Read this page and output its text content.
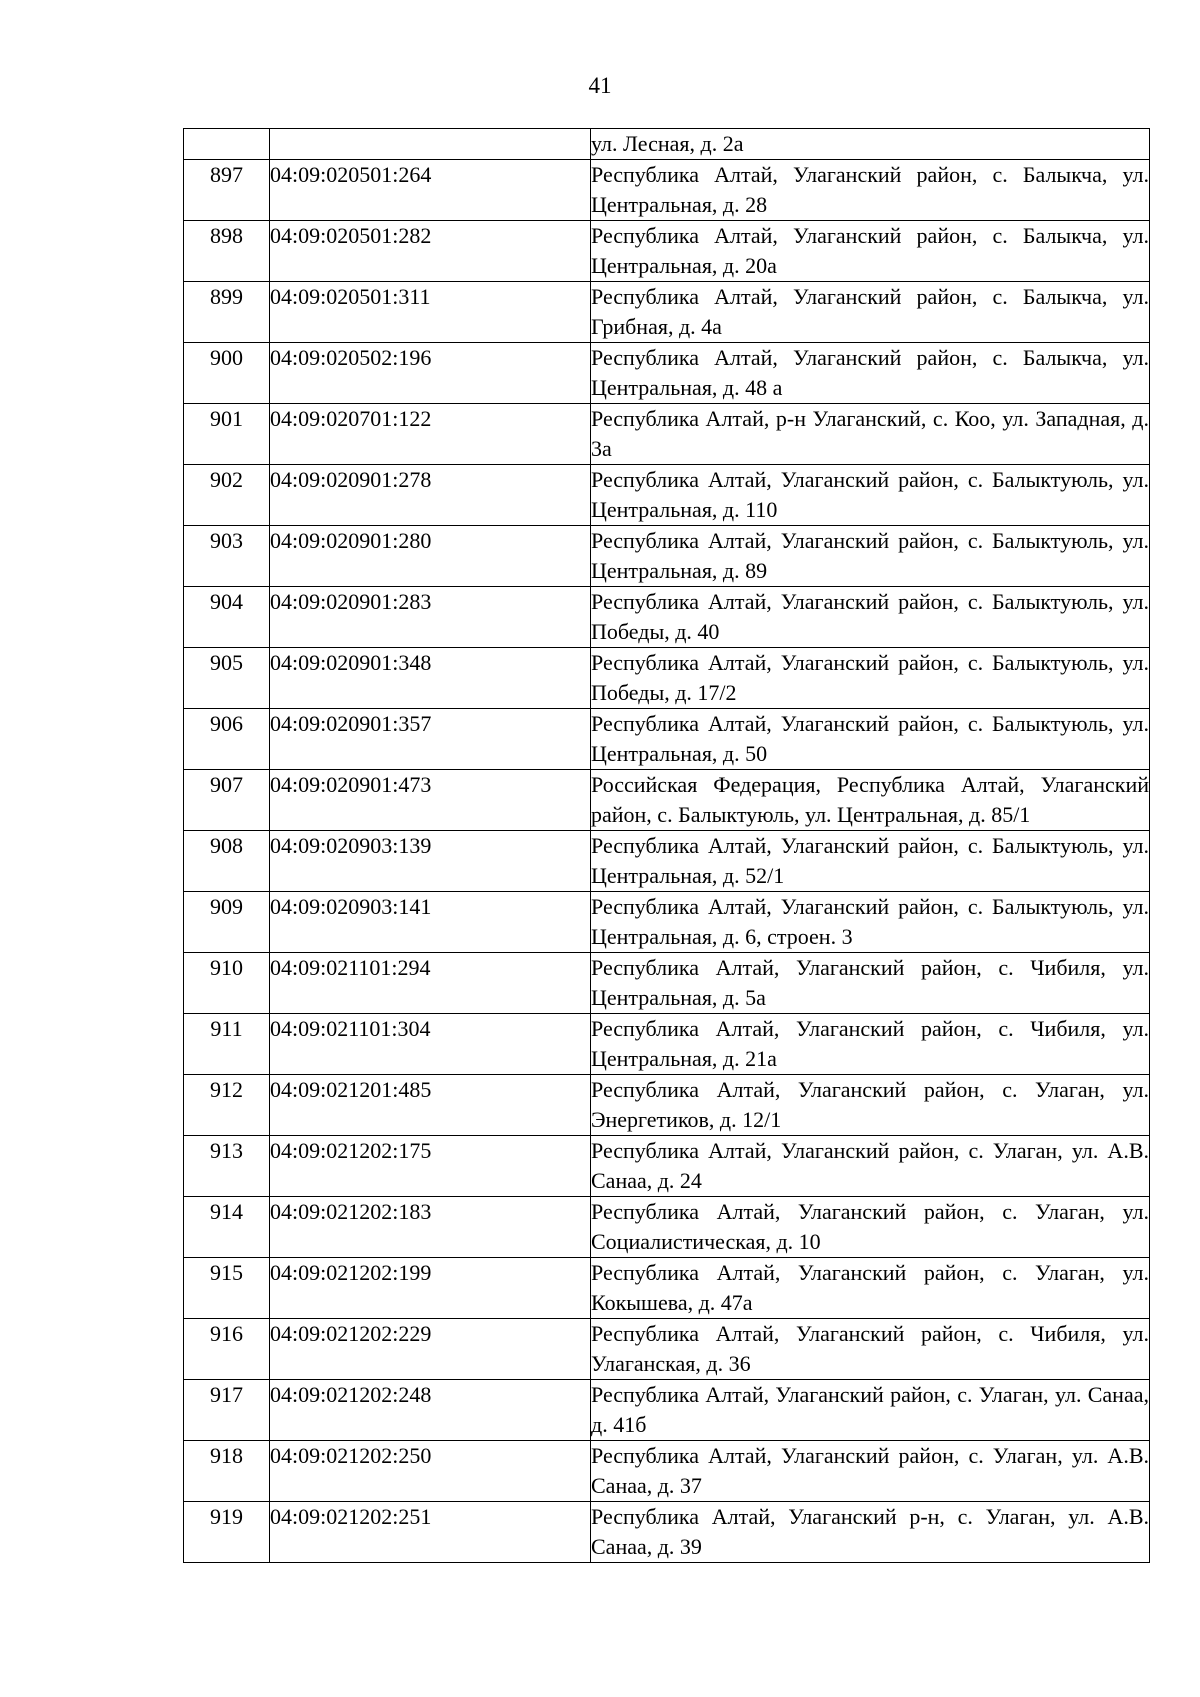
41

		ул. Лесная, д. 2а

897	04:09:020501:264	Республика Алтай, Улаганский район, с. Балыкча, ул. Центральная, д. 28

898	04:09:020501:282	Республика Алтай, Улаганский район, с. Балыкча, ул. Центральная, д. 20а

899	04:09:020501:311	Республика Алтай, Улаганский район, с. Балыкча, ул. Грибная, д. 4а

900	04:09:020502:196	Республика Алтай, Улаганский район, с. Балыкча, ул. Центральная, д. 48 а

901	04:09:020701:122	Республика Алтай, р-н Улаганский, с. Коо, ул. Западная, д. 3а

902	04:09:020901:278	Республика Алтай, Улаганский район, с. Балыктуюль, ул. Центральная, д. 110

903	04:09:020901:280	Республика Алтай, Улаганский район, с. Балыктуюль, ул. Центральная, д. 89

904	04:09:020901:283	Республика Алтай, Улаганский район, с. Балыктуюль, ул. Победы, д. 40

905	04:09:020901:348	Республика Алтай, Улаганский район, с. Балыктуюль, ул. Победы, д. 17/2

906	04:09:020901:357	Республика Алтай, Улаганский район, с. Балыктуюль, ул. Центральная, д. 50

907	04:09:020901:473	Российская Федерация, Республика Алтай, Улаганский район, с. Балыктуюль, ул. Центральная, д. 85/1

908	04:09:020903:139	Республика Алтай, Улаганский район, с. Балыктуюль, ул. Центральная, д. 52/1

909	04:09:020903:141	Республика Алтай, Улаганский район, с. Балыктуюль, ул. Центральная, д. 6, строен. 3

910	04:09:021101:294	Республика Алтай, Улаганский район, с. Чибиля, ул. Центральная, д. 5а

911	04:09:021101:304	Республика Алтай, Улаганский район, с. Чибиля, ул. Центральная, д. 21а

912	04:09:021201:485	Республика Алтай, Улаганский район, с. Улаган, ул. Энергетиков, д. 12/1

913	04:09:021202:175	Республика Алтай, Улаганский район, с. Улаган, ул. А.В. Санаа, д. 24

914	04:09:021202:183	Республика Алтай, Улаганский район, с. Улаган, ул. Социалистическая, д. 10

915	04:09:021202:199	Республика Алтай, Улаганский район, с. Улаган, ул. Кокышева, д. 47а

916	04:09:021202:229	Республика Алтай, Улаганский район, с. Чибиля, ул. Улаганская, д. 36

917	04:09:021202:248	Республика Алтай, Улаганский район, с. Улаган, ул. Санаа, д. 41б

918	04:09:021202:250	Республика Алтай, Улаганский район, с. Улаган, ул. А.В. Санаа, д. 37

919	04:09:021202:251	Республика Алтай, Улаганский р-н, с. Улаган, ул. А.В. Санаа, д. 39
